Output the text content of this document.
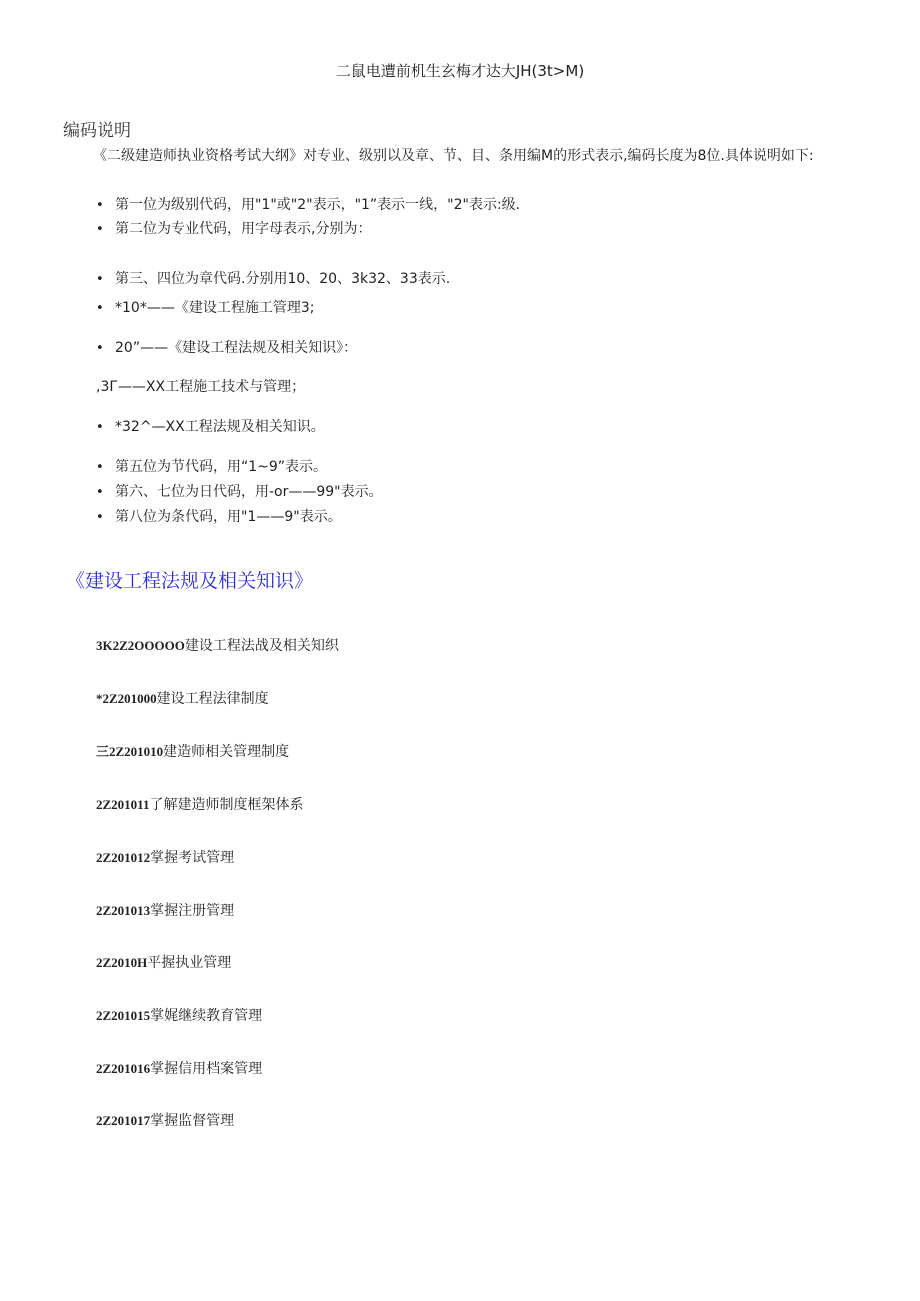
二鼠电遭前机生玄梅才达大JH(3t>M)
编码说明
《二级建造师执业资格考试大纲》对专业、级别以及章、节、目、条用编M的形式表示,编码长度为8位.具体说明如下:
• 第一位为级别代码，用"1"或"2"表示，"1”表示一线，"2"表示:级.
• 第二位为专业代码，用字母表示,分别为：
• 第三、四位为章代码.分别用10、20、3k32、33表示.
• *10*——《建设工程施工管理3;
• 20”——《建设工程法规及相关知识》：
,3Г——XX工程施工技术与管理；
• *32^—XX工程法规及相关知识。
• 第五位为节代码，用“1~9”表示。
• 第六、七位为日代码，用-or——99"表示。
• 第八位为条代码，用"1——9"表示。
《建设工程法规及相关知识》
3K2Z2OOOOO建设工程法战及相关知织
*2Z201000建设工程法律制度
三2Z201010建造师相关管理制度
2Z201011了解建造师制度框架体系
2Z201012掌握考试管理
2Z201013掌握注册管理
2Z2010H平握执业管理
2Z201015掌娓继续教育管理
2Z201016掌握信用档案管理
2Z201017掌握监督管理
